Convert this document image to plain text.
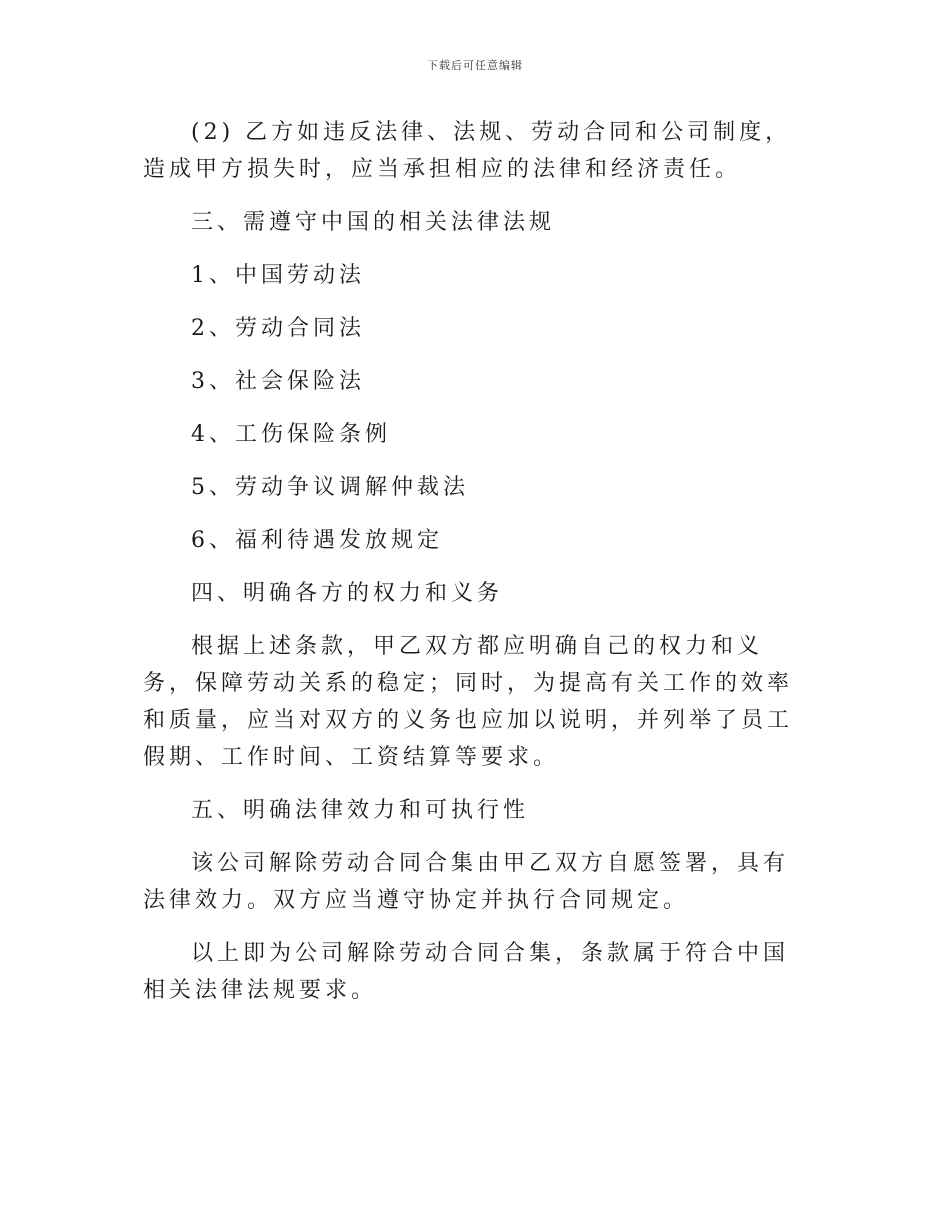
下载后可任意编辑

(2) 乙方如违反法律、法规、劳动合同和公司制度，造成甲方损失时，应当承担相应的法律和经济责任。

三、需遵守中国的相关法律法规

1、中国劳动法

2、劳动合同法

3、社会保险法

4、工伤保险条例

5、劳动争议调解仲裁法

6、福利待遇发放规定

四、明确各方的权力和义务

根据上述条款，甲乙双方都应明确自己的权力和义务，保障劳动关系的稳定；同时，为提高有关工作的效率和质量，应当对双方的义务也应加以说明，并列举了员工假期、工作时间、工资结算等要求。

五、明确法律效力和可执行性

该公司解除劳动合同合集由甲乙双方自愿签署，具有法律效力。双方应当遵守协定并执行合同规定。

以上即为公司解除劳动合同合集，条款属于符合中国相关法律法规要求。
